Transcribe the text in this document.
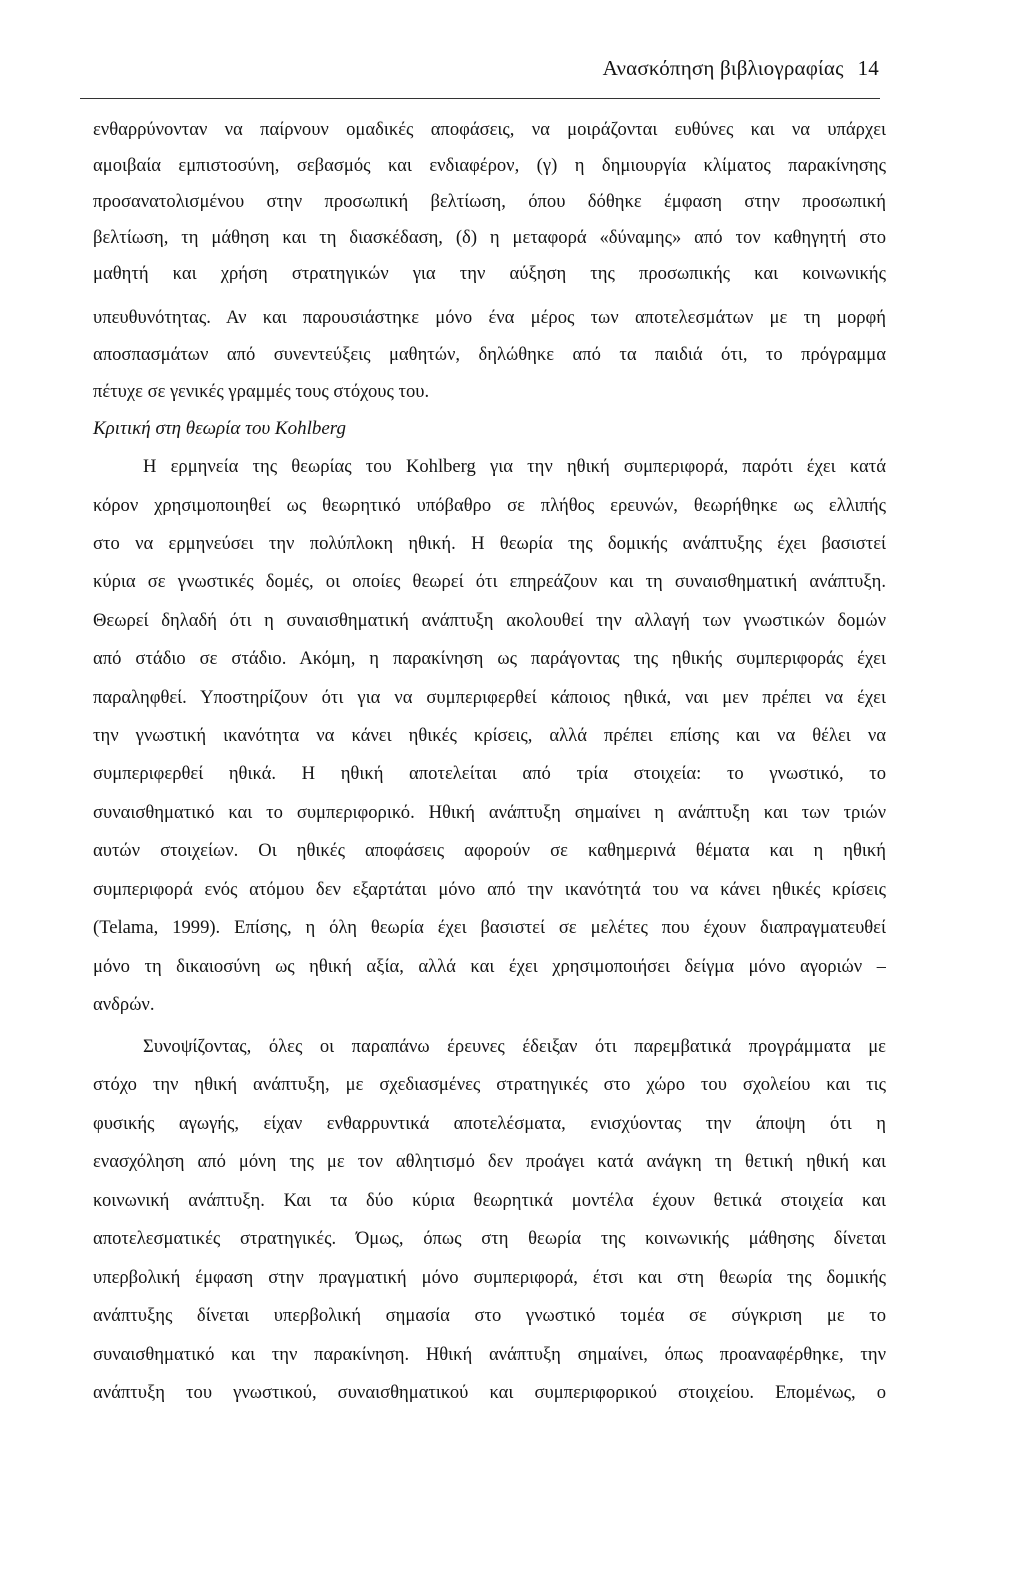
Ανασκόπηση βιβλιογραφίας 14
ενθαρρύνονταν να παίρνουν ομαδικές αποφάσεις, να μοιράζονται ευθύνες και να υπάρχει
αμοιβαία εμπιστοσύνη, σεβασμός και ενδιαφέρον, (γ) η δημιουργία κλίματος παρακίνησης
προσανατολισμένου στην προσωπική βελτίωση, όπου δόθηκε έμφαση στην προσωπική
βελτίωση, τη μάθηση και τη διασκέδαση, (δ) η μεταφορά «δύναμης» από τον καθηγητή στο
μαθητή και χρήση στρατηγικών για την αύξηση της προσωπικής και κοινωνικής
υπευθυνότητας. Αν και παρουσιάστηκε μόνο ένα μέρος των αποτελεσμάτων με τη μορφή
αποσπασμάτων από συνεντεύξεις μαθητών, δηλώθηκε από τα παιδιά ότι, το πρόγραμμα
πέτυχε σε γενικές γραμμές τους στόχους του.
Κριτική στη θεωρία του Kohlberg
Η ερμηνεία της θεωρίας του Kohlberg για την ηθική συμπεριφορά, παρότι έχει κατά
κόρον χρησιμοποιηθεί ως θεωρητικό υπόβαθρο σε πλήθος ερευνών, θεωρήθηκε ως ελλιπής
στο να ερμηνεύσει την πολύπλοκη ηθική. Η θεωρία της δομικής ανάπτυξης έχει βασιστεί
κύρια σε γνωστικές δομές, οι οποίες θεωρεί ότι επηρεάζουν και τη συναισθηματική ανάπτυξη.
Θεωρεί δηλαδή ότι η συναισθηματική ανάπτυξη ακολουθεί την αλλαγή των γνωστικών δομών
από στάδιο σε στάδιο. Ακόμη, η παρακίνηση ως παράγοντας της ηθικής συμπεριφοράς έχει
παραληφθεί. Υποστηρίζουν ότι για να συμπεριφερθεί κάποιος ηθικά, ναι μεν πρέπει να έχει
την γνωστική ικανότητα να κάνει ηθικές κρίσεις, αλλά πρέπει επίσης και να θέλει να
συμπεριφερθεί ηθικά. Η ηθική αποτελείται από τρία στοιχεία: το γνωστικό, το
συναισθηματικό και το συμπεριφορικό. Ηθική ανάπτυξη σημαίνει η ανάπτυξη και των τριών
αυτών στοιχείων. Οι ηθικές αποφάσεις αφορούν σε καθημερινά θέματα και η ηθική
συμπεριφορά ενός ατόμου δεν εξαρτάται μόνο από την ικανότητά του να κάνει ηθικές κρίσεις
(Telama, 1999). Επίσης, η όλη θεωρία έχει βασιστεί σε μελέτες που έχουν διαπραγματευθεί
μόνο τη δικαιοσύνη ως ηθική αξία, αλλά και έχει χρησιμοποιήσει δείγμα μόνο αγοριών –
ανδρών.
Συνοψίζοντας, όλες οι παραπάνω έρευνες έδειξαν ότι παρεμβατικά προγράμματα με
στόχο την ηθική ανάπτυξη, με σχεδιασμένες στρατηγικές στο χώρο του σχολείου και τις
φυσικής αγωγής, είχαν ενθαρρυντικά αποτελέσματα, ενισχύοντας την άποψη ότι η
ενασχόληση από μόνη της με τον αθλητισμό δεν προάγει κατά ανάγκη τη θετική ηθική και
κοινωνική ανάπτυξη. Και τα δύο κύρια θεωρητικά μοντέλα έχουν θετικά στοιχεία και
αποτελεσματικές στρατηγικές. Όμως, όπως στη θεωρία της κοινωνικής μάθησης δίνεται
υπερβολική έμφαση στην πραγματική μόνο συμπεριφορά, έτσι και στη θεωρία της δομικής
ανάπτυξης δίνεται υπερβολική σημασία στο γνωστικό τομέα σε σύγκριση με το
συναισθηματικό και την παρακίνηση. Ηθική ανάπτυξη σημαίνει, όπως προαναφέρθηκε, την
ανάπτυξη του γνωστικού, συναισθηματικού και συμπεριφορικού στοιχείου. Επομένως, ο
